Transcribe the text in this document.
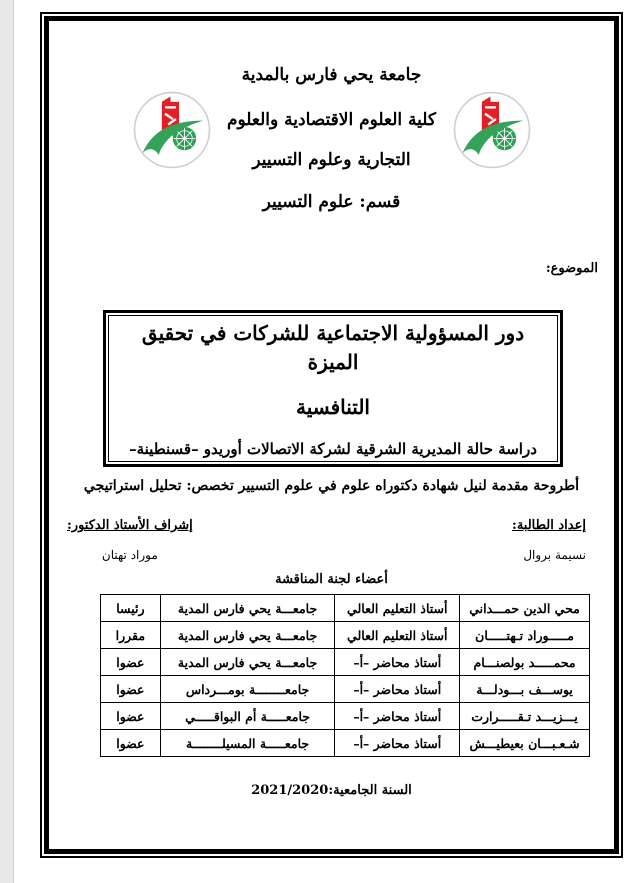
جامعة يحي فارس بالمدية
كلية العلوم الاقتصادية والعلوم
التجارية وعلوم التسيير
قسم: علوم التسيير
الموضوع:
دور المسؤولية الاجتماعية للشركات في تحقيق الميزة
التنافسية
دراسة حالة المديرية الشرقية لشركة الاتصالات أوريدو –قسنطينة–
أطروحة مقدمة لنيل شهادة دكتوراه علوم في علوم التسيير تخصص: تحليل استراتيجي
إعداد الطالبة:
نسيمة بروال
إشراف الأستاذ الدكتور:
موراد تهتان
أعضاء لجنة المناقشة
محي الدين حمـــداني	أستاذ التعليم العالي	جامعـــة يحي فارس المدية	رئيسا
مـــــوراد تـهتـــــان	أستاذ التعليم العالي	جامعـــة يحي فارس المدية	مقررا
محمـــــد بولصنـــام	أستاذ محاضر –أ–	جامعـــة يحي فارس المدية	عضوا
يوســـف بـــودلـــة	أستاذ محاضر –أ–	جامعــــــــة بومـــرداس	عضوا
يـــزيـــد تـقـــــرارت	أستاذ محاضر –أ–	جامعـــــة أم البواقـــــي	عضوا
شـعـبـــان بعيطيـــش	أستاذ محاضر –أ–	جامعـــــة المسيلــــــــة	عضوا
السنة الجامعية:2021/2020
